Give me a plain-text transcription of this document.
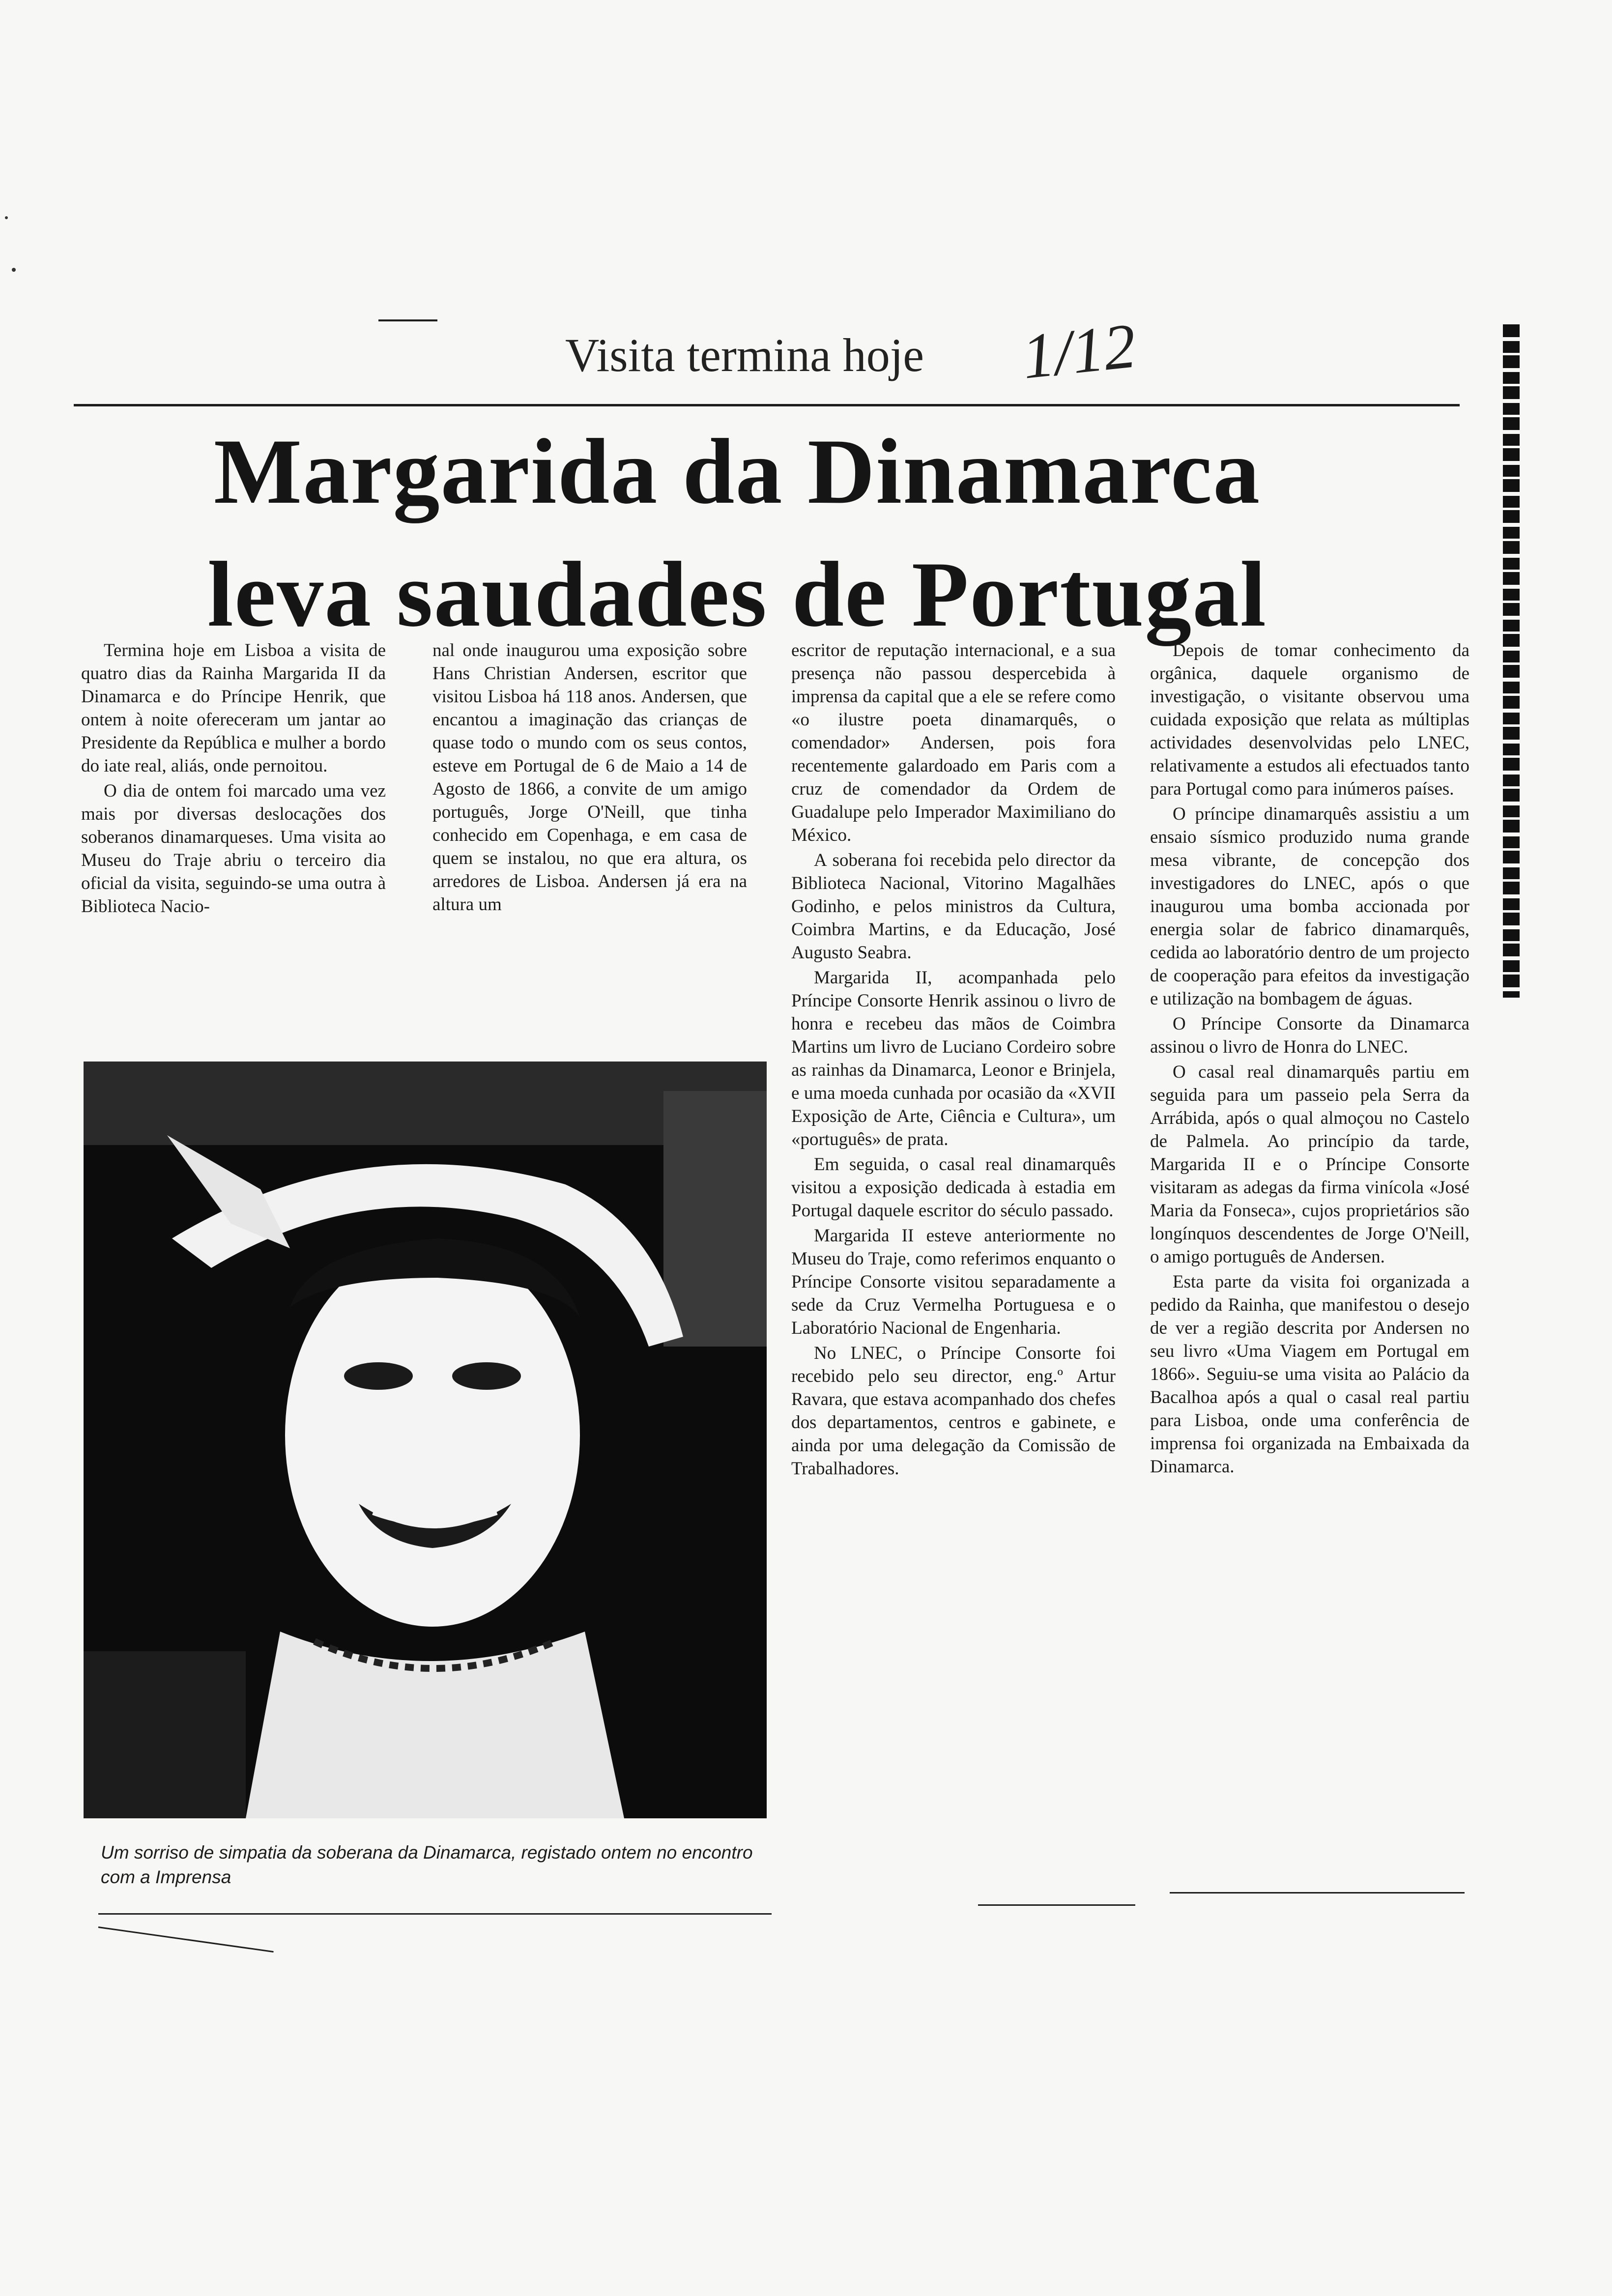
Visita termina hoje	1/12
Margarida da Dinamarca
leva saudades de Portugal

Termina hoje em Lisboa a visita de quatro dias da Rainha Margarida II da Dinamarca e do Príncipe Henrik, que ontem à noite ofereceram um jantar ao Presidente da República e mulher a bordo do iate real, aliás, onde pernoitou.

O dia de ontem foi marcado uma vez mais por diversas deslocações dos soberanos dinamarqueses. Uma visita ao Museu do Traje abriu o terceiro dia oficial da visita, seguindo-se uma outra à Biblioteca Nacio-

nal onde inaugurou uma exposição sobre Hans Christian Andersen, escritor que visitou Lisboa há 118 anos. Andersen, que encantou a imaginação das crianças de quase todo o mundo com os seus contos, esteve em Portugal de 6 de Maio a 14 de Agosto de 1866, a convite de um amigo português, Jorge O'Neill, que tinha conhecido em Copenhaga, e em casa de quem se instalou, no que era altura, os arredores de Lisboa. Andersen já era na altura um

Um sorriso de simpatia da soberana da Dinamarca, registado ontem no encontro com a Imprensa

escritor de reputação internacional, e a sua presença não passou despercebida à imprensa da capital que a ele se refere como «o ilustre poeta dinamarquês, o comendador» Andersen, pois fora recentemente galardoado em Paris com a cruz de comendador da Ordem de Guadalupe pelo Imperador Maximiliano do México.

A soberana foi recebida pelo director da Biblioteca Nacional, Vitorino Magalhães Godinho, e pelos ministros da Cultura, Coimbra Martins, e da Educação, José Augusto Seabra.

Margarida II, acompanhada pelo Príncipe Consorte Henrik assinou o livro de honra e recebeu das mãos de Coimbra Martins um livro de Luciano Cordeiro sobre as rainhas da Dinamarca, Leonor e Brinjela, e uma moeda cunhada por ocasião da «XVII Exposição de Arte, Ciência e Cultura», um «português» de prata.

Em seguida, o casal real dinamarquês visitou a exposição dedicada à estadia em Portugal daquele escritor do século passado.

Margarida II esteve anteriormente no Museu do Traje, como referimos enquanto o Príncipe Consorte visitou separadamente a sede da Cruz Vermelha Portuguesa e o Laboratório Nacional de Engenharia.

No LNEC, o Príncipe Consorte foi recebido pelo seu director, eng.º Artur Ravara, que estava acompanhado dos chefes dos departamentos, centros e gabinete, e ainda por uma delegação da Comissão de Trabalhadores.

Depois de tomar conhecimento da orgânica, daquele organismo de investigação, o visitante observou uma cuidada exposição que relata as múltiplas actividades desenvolvidas pelo LNEC, relativamente a estudos ali efectuados tanto para Portugal como para inúmeros países.

O príncipe dinamarquês assistiu a um ensaio sísmico produzido numa grande mesa vibrante, de concepção dos investigadores do LNEC, após o que inaugurou uma bomba accionada por energia solar de fabrico dinamarquês, cedida ao laboratório dentro de um projecto de cooperação para efeitos da investigação e utilização na bombagem de águas.

O Príncipe Consorte da Dinamarca assinou o livro de Honra do LNEC.

O casal real dinamarquês partiu em seguida para um passeio pela Serra da Arrábida, após o qual almoçou no Castelo de Palmela. Ao princípio da tarde, Margarida II e o Príncipe Consorte visitaram as adegas da firma vinícola «José Maria da Fonseca», cujos proprietários são longínquos descendentes de Jorge O'Neill, o amigo português de Andersen.

Esta parte da visita foi organizada a pedido da Rainha, que manifestou o desejo de ver a região descrita por Andersen no seu livro «Uma Viagem em Portugal em 1866». Seguiu-se uma visita ao Palácio da Bacalhoa após a qual o casal real partiu para Lisboa, onde uma conferência de imprensa foi organizada na Embaixada da Dinamarca.
